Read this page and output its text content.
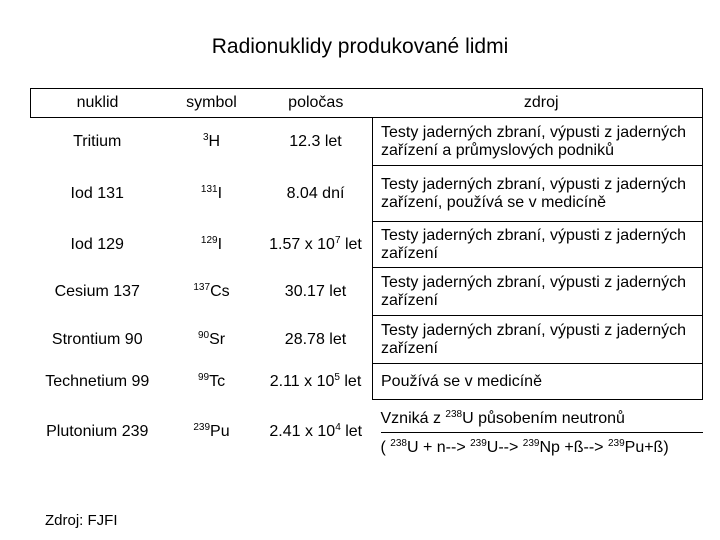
Radionuklidy produkované lidmi
nuklid	symbol	poločas	zdroj
Tritium	$^3$H	12.3 let	Testy jaderných zbraní, výpusti z jaderných zařízení a průmyslových podniků
Iod 131	$^{131}$I	8.04 dní	Testy jaderných zbraní, výpusti z jaderných zařízení, používá se v medicíně
Iod 129	$^{129}$I	1.57 x $10^7$ let	Testy jaderných zbraní, výpusti z jaderných zařízení
Cesium 137	$^{137}$Cs	30.17 let	Testy jaderných zbraní, výpusti z jaderných zařízení
Strontium 90	$^{90}$Sr	28.78 let	Testy jaderných zbraní, výpusti z jaderných zařízení
Technetium 99	$^{99}$Tc	2.11 x $10^5$ let	Používá se v medicíně
Plutonium 239	$^{239}$Pu	2.41 x $10^4$ let	Vzniká z $^{238}$U působením neutronů
( $^{238}$U + n--> $^{239}$U--> $^{239}$Np +ß--> $^{239}$Pu+ß)
Zdroj: FJFI
